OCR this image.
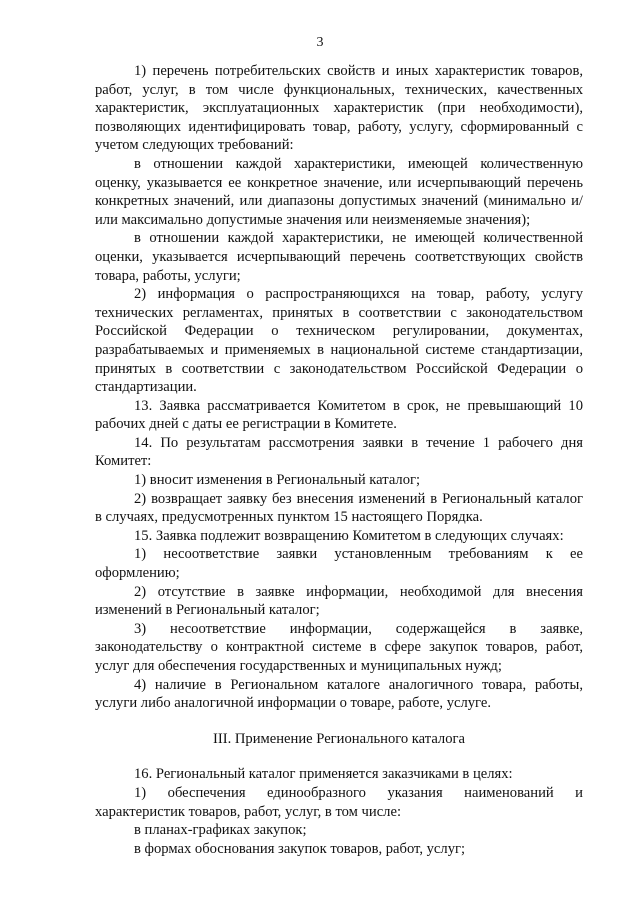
3

1) перечень потребительских свойств и иных характеристик товаров, работ, услуг, в том числе функциональных, технических, качественных характеристик, эксплуатационных характеристик (при необходимости), позволяющих идентифицировать товар, работу, услугу, сформированный с учетом следующих требований:

в отношении каждой характеристики, имеющей количественную оценку, указывается ее конкретное значение, или исчерпывающий перечень конкретных значений, или диапазоны допустимых значений (минимально и/или максимально допустимые значения или неизменяемые значения);

в отношении каждой характеристики, не имеющей количественной оценки, указывается исчерпывающий перечень соответствующих свойств товара, работы, услуги;

2) информация о распространяющихся на товар, работу, услугу технических регламентах, принятых в соответствии с законодательством Российской Федерации о техническом регулировании, документах, разрабатываемых и применяемых в национальной системе стандартизации, принятых в соответствии с законодательством Российской Федерации о стандартизации.

13. Заявка рассматривается Комитетом в срок, не превышающий 10 рабочих дней с даты ее регистрации в Комитете.

14. По результатам рассмотрения заявки в течение 1 рабочего дня Комитет:

1) вносит изменения в Региональный каталог;

2) возвращает заявку без внесения изменений в Региональный каталог в случаях, предусмотренных пунктом 15 настоящего Порядка.

15. Заявка подлежит возвращению Комитетом в следующих случаях:

1) несоответствие заявки установленным требованиям к ее оформлению;

2) отсутствие в заявке информации, необходимой для внесения изменений в Региональный каталог;

3) несоответствие информации, содержащейся в заявке, законодательству о контрактной системе в сфере закупок товаров, работ, услуг для обеспечения государственных и муниципальных нужд;

4) наличие в Региональном каталоге аналогичного товара, работы, услуги либо аналогичной информации о товаре, работе, услуге.

III. Применение Регионального каталога

16. Региональный каталог применяется заказчиками в целях:

1) обеспечения единообразного указания наименований и характеристик товаров, работ, услуг, в том числе:

в планах-графиках закупок;

в формах обоснования закупок товаров, работ, услуг;
